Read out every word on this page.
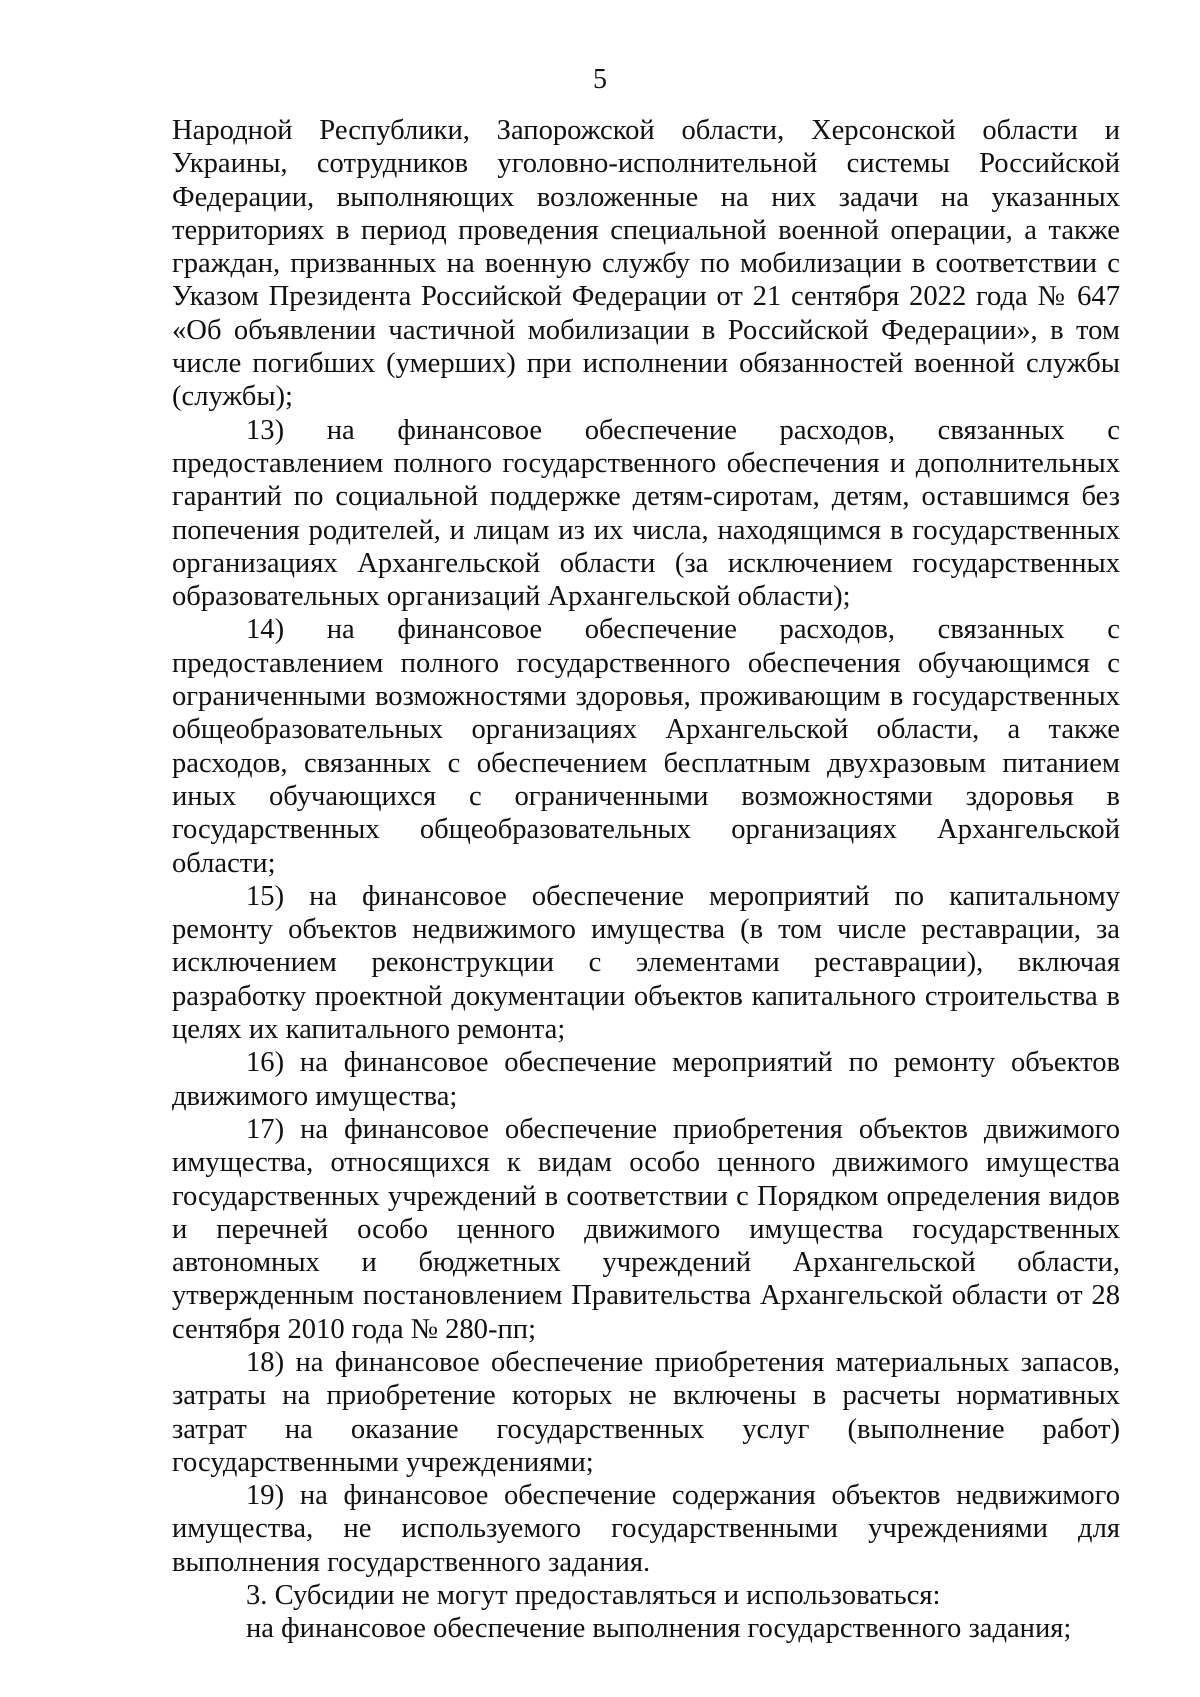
5

Народной Республики, Запорожской области, Херсонской области и Украины, сотрудников уголовно-исполнительной системы Российской Федерации, выполняющих возложенные на них задачи на указанных территориях в период проведения специальной военной операции, а также граждан, призванных на военную службу по мобилизации в соответствии с Указом Президента Российской Федерации от 21 сентября 2022 года № 647 «Об объявлении частичной мобилизации в Российской Федерации», в том числе погибших (умерших) при исполнении обязанностей военной службы (службы);

13) на финансовое обеспечение расходов, связанных с предоставлением полного государственного обеспечения и дополнительных гарантий по социальной поддержке детям-сиротам, детям, оставшимся без попечения родителей, и лицам из их числа, находящимся в государственных организациях Архангельской области (за исключением государственных образовательных организаций Архангельской области);

14) на финансовое обеспечение расходов, связанных с предоставлением полного государственного обеспечения обучающимся с ограниченными возможностями здоровья, проживающим в государственных общеобразовательных организациях Архангельской области, а также расходов, связанных с обеспечением бесплатным двухразовым питанием иных обучающихся с ограниченными возможностями здоровья в государственных общеобразовательных организациях Архангельской области;

15) на финансовое обеспечение мероприятий по капитальному ремонту объектов недвижимого имущества (в том числе реставрации, за исключением реконструкции с элементами реставрации), включая разработку проектной документации объектов капитального строительства в целях их капитального ремонта;

16) на финансовое обеспечение мероприятий по ремонту объектов движимого имущества;

17) на финансовое обеспечение приобретения объектов движимого имущества, относящихся к видам особо ценного движимого имущества государственных учреждений в соответствии с Порядком определения видов и перечней особо ценного движимого имущества государственных автономных и бюджетных учреждений Архангельской области, утвержденным постановлением Правительства Архангельской области от 28 сентября 2010 года № 280-пп;

18) на финансовое обеспечение приобретения материальных запасов, затраты на приобретение которых не включены в расчеты нормативных затрат на оказание государственных услуг (выполнение работ) государственными учреждениями;

19) на финансовое обеспечение содержания объектов недвижимого имущества, не используемого государственными учреждениями для выполнения государственного задания.

3. Субсидии не могут предоставляться и использоваться:

на финансовое обеспечение выполнения государственного задания;
